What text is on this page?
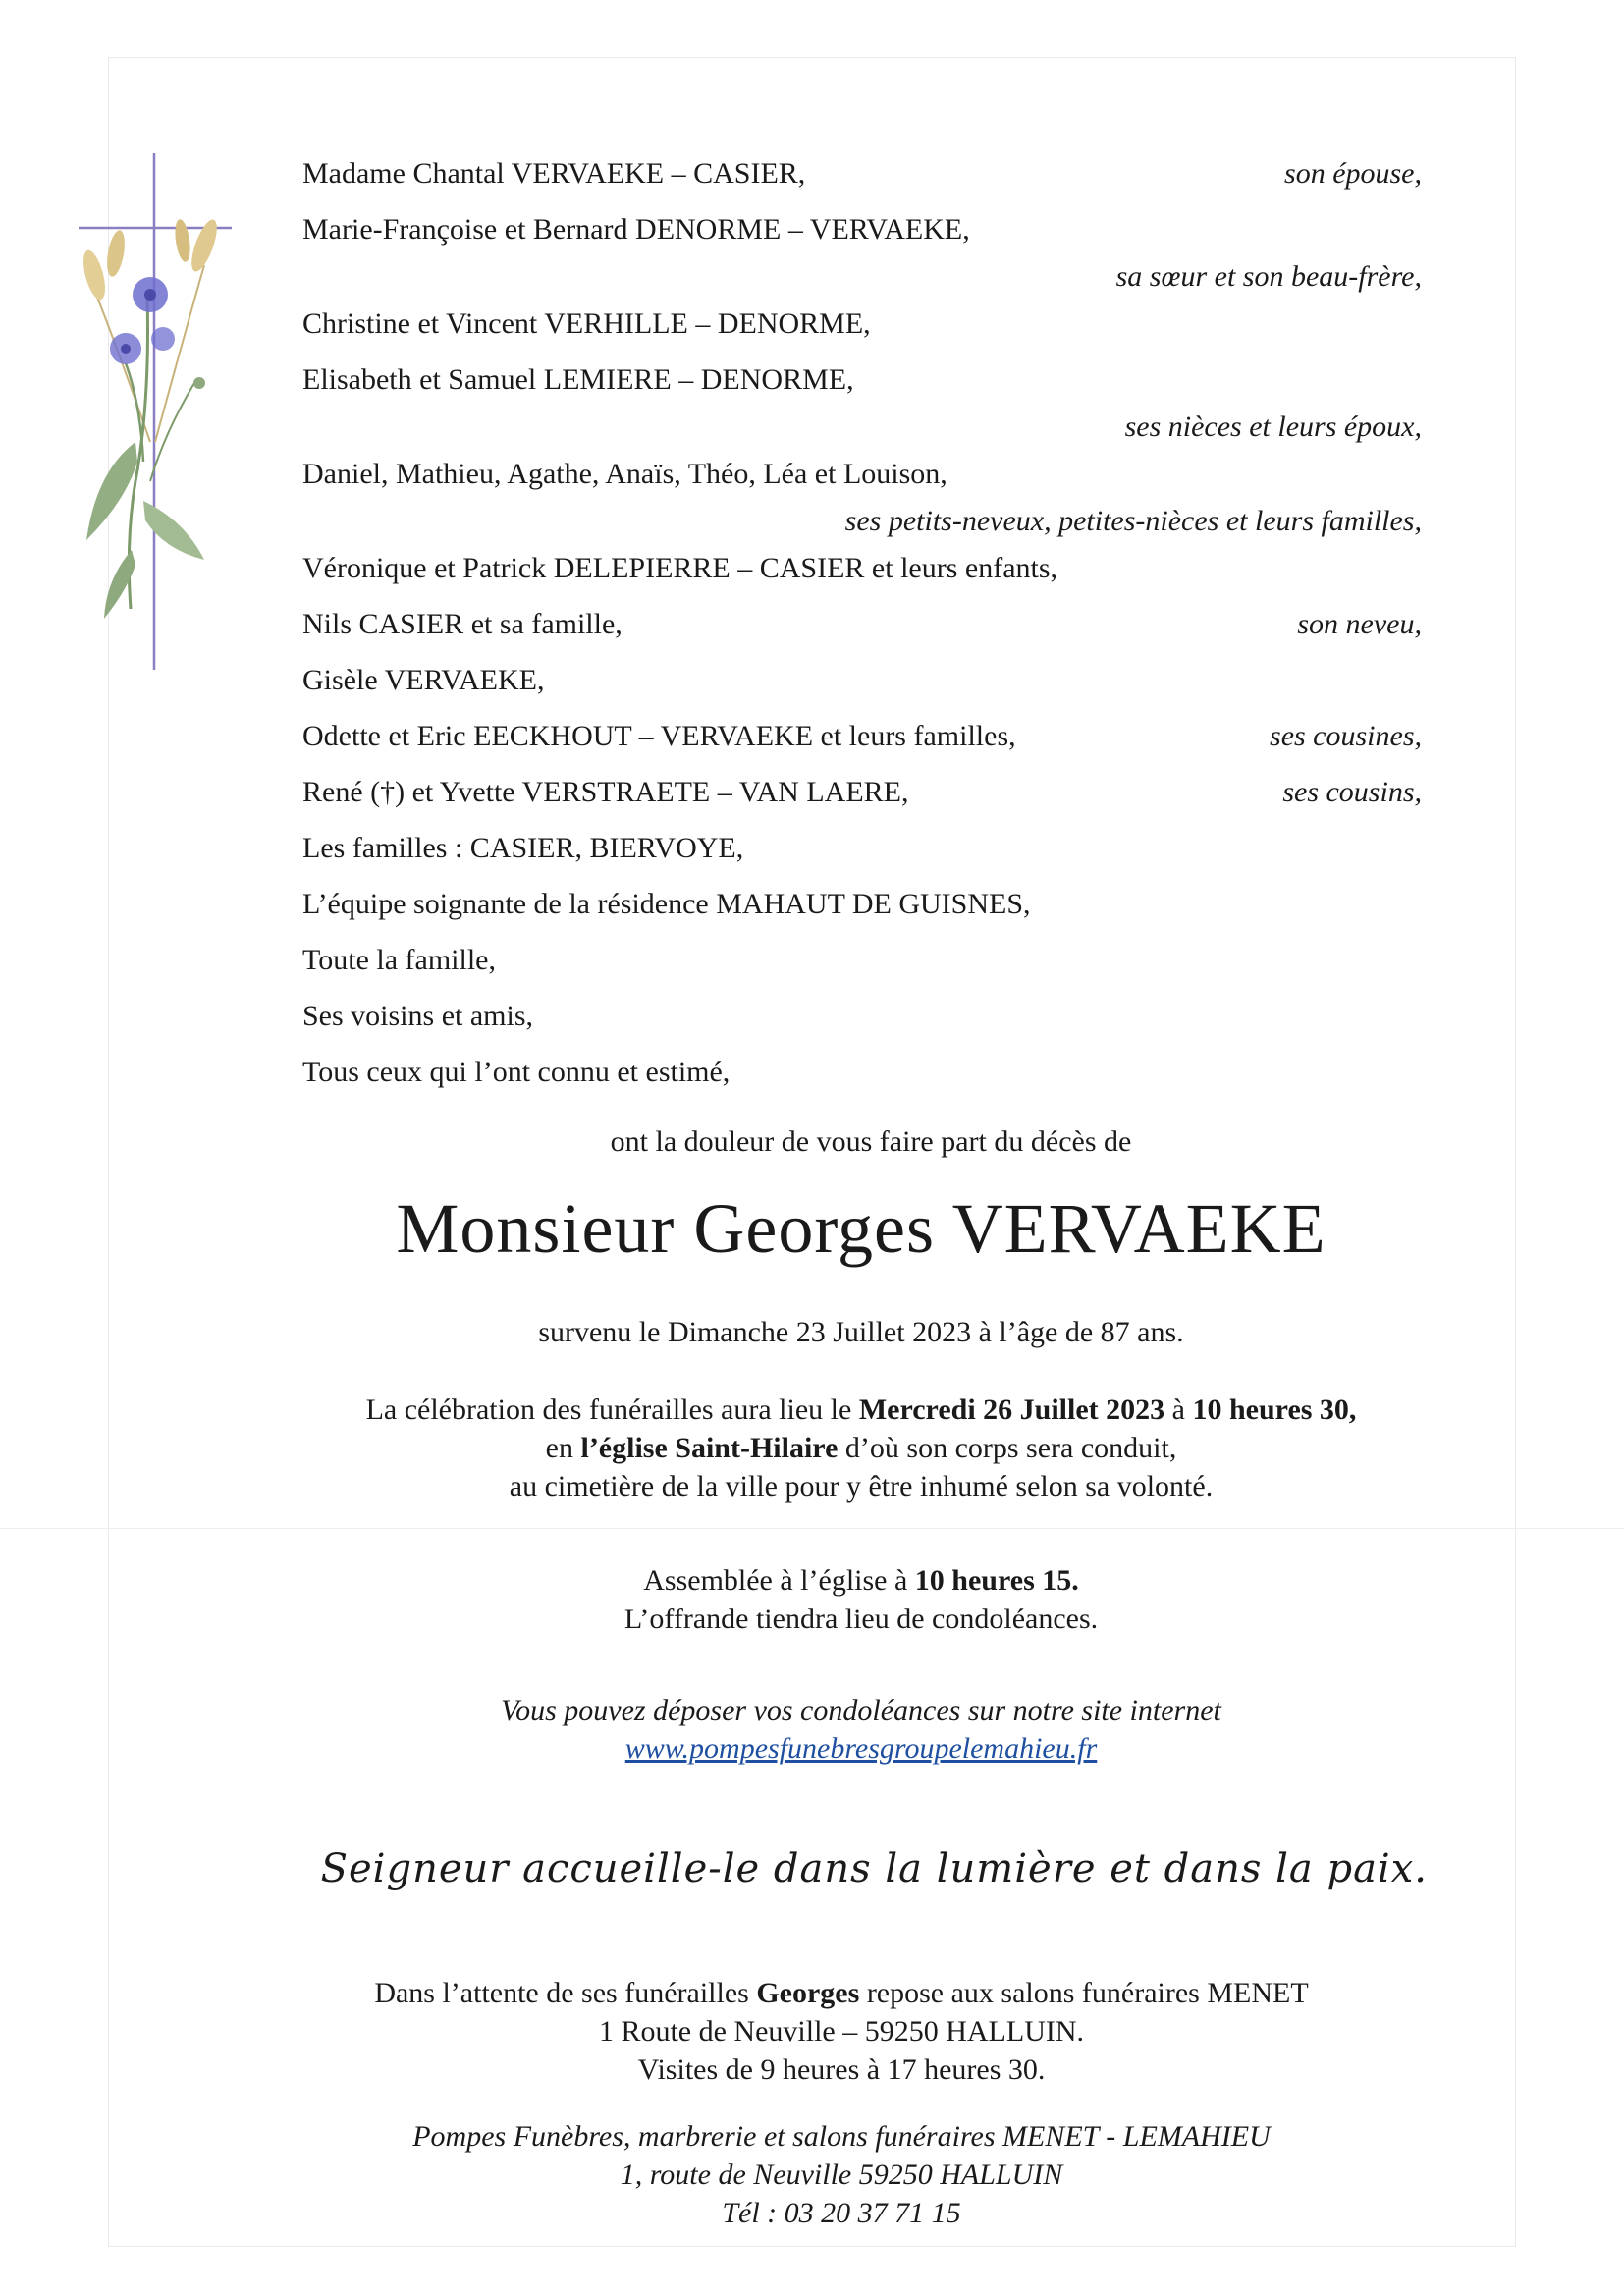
Madame Chantal VERVAEKE – CASIER,	son épouse,
Marie-Françoise et Bernard DENORME – VERVAEKE,
sa sœur et son beau-frère,
Christine et Vincent VERHILLE – DENORME,
Elisabeth et Samuel LEMIERE – DENORME,
ses nièces et leurs époux,
Daniel, Mathieu, Agathe, Anaïs, Théo, Léa et Louison,
ses petits-neveux, petites-nièces et leurs familles,
Véronique et Patrick DELEPIERRE – CASIER et leurs enfants,
Nils CASIER et sa famille,	son neveu,
Gisèle VERVAEKE,
Odette et Eric EECKHOUT – VERVAEKE et leurs familles,	ses cousines,
René (†) et Yvette VERSTRAETE – VAN LAERE,	ses cousins,
Les familles : CASIER, BIERVOYE,
L’équipe soignante de la résidence MAHAUT DE GUISNES,
Toute la famille,
Ses voisins et amis,
Tous ceux qui l’ont connu et estimé,
ont la douleur de vous faire part du décès de
Monsieur Georges VERVAEKE
survenu le Dimanche 23 Juillet 2023 à l’âge de 87 ans.
La célébration des funérailles aura lieu le Mercredi 26 Juillet 2023 à 10 heures 30,
en l’église Saint-Hilaire d’où son corps sera conduit,
au cimetière de la ville pour y être inhumé selon sa volonté.
Assemblée à l’église à 10 heures 15.
L’offrande tiendra lieu de condoléances.
Vous pouvez déposer vos condoléances sur notre site internet
www.pompesfunebresgroupelemahieu.fr
Seigneur accueille-le dans la lumière et dans la paix.
Dans l’attente de ses funérailles Georges repose aux salons funéraires MENET
1 Route de Neuville – 59250 HALLUIN.
Visites de 9 heures à 17 heures 30.
Pompes Funèbres, marbrerie et salons funéraires MENET - LEMAHIEU
1, route de Neuville 59250 HALLUIN
Tél : 03 20 37 71 15
